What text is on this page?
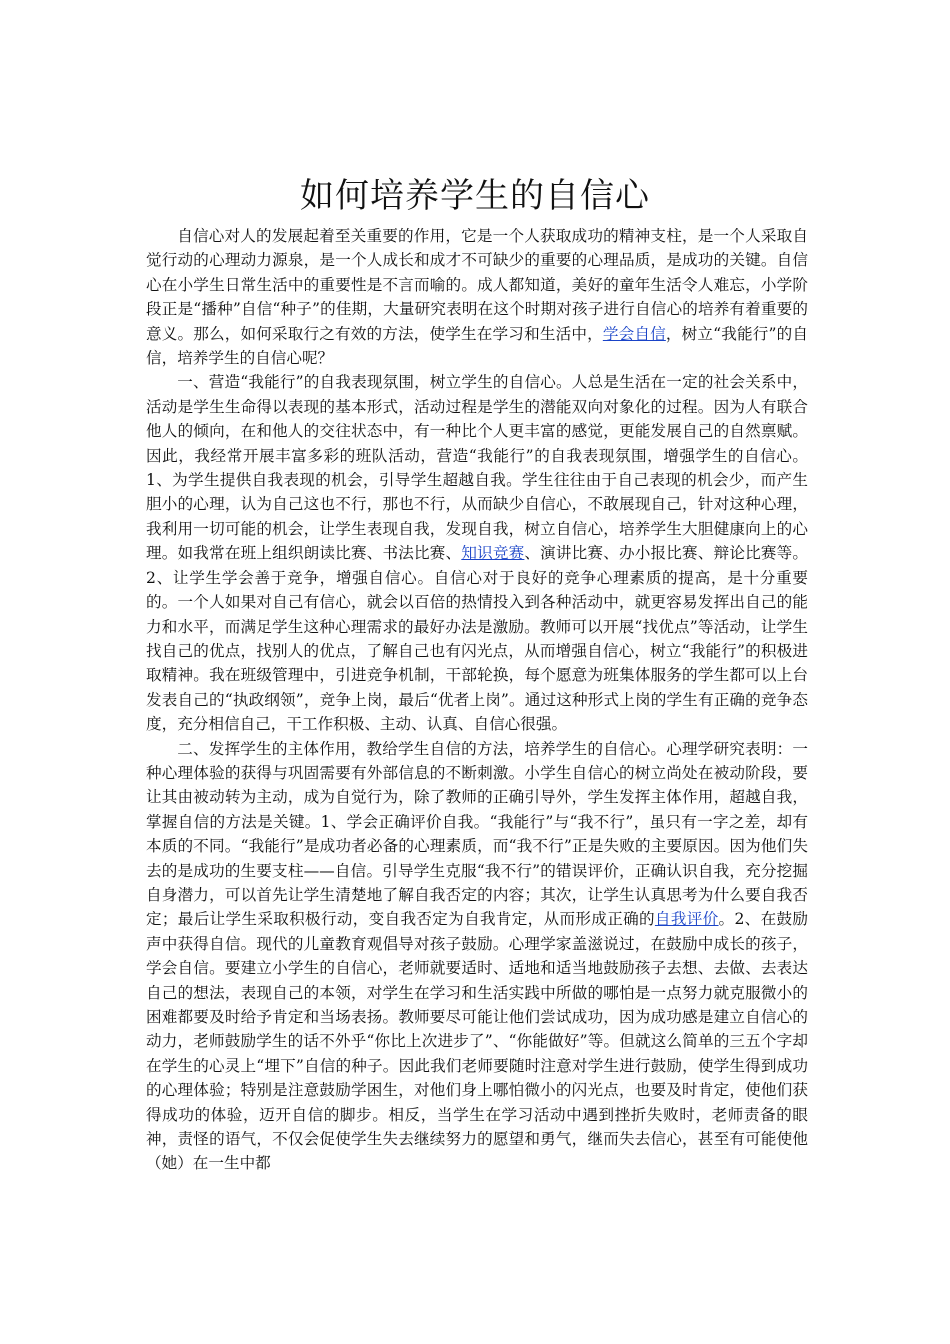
如何培养学生的自信心

自信心对人的发展起着至关重要的作用，它是一个人获取成功的精神支柱，是一个人采取自觉行动的心理动力源泉，是一个人成长和成才不可缺少的重要的心理品质，是成功的关键。自信心在小学生日常生活中的重要性是不言而喻的。成人都知道，美好的童年生活令人难忘，小学阶段正是“播种”自信“种子”的佳期，大量研究表明在这个时期对孩子进行自信心的培养有着重要的意义。那么，如何采取行之有效的方法，使学生在学习和生活中，学会自信，树立“我能行”的自信，培养学生的自信心呢？

一、营造“我能行”的自我表现氛围，树立学生的自信心。人总是生活在一定的社会关系中，活动是学生生命得以表现的基本形式，活动过程是学生的潜能双向对象化的过程。因为人有联合他人的倾向，在和他人的交往状态中，有一种比个人更丰富的感觉，更能发展自己的自然禀赋。因此，我经常开展丰富多彩的班队活动，营造“我能行”的自我表现氛围，增强学生的自信心。1、为学生提供自我表现的机会，引导学生超越自我。学生往往由于自己表现的机会少，而产生胆小的心理，认为自己这也不行，那也不行，从而缺少自信心，不敢展现自己，针对这种心理，我利用一切可能的机会，让学生表现自我，发现自我，树立自信心，培养学生大胆健康向上的心理。如我常在班上组织朗读比赛、书法比赛、知识竞赛、演讲比赛、办小报比赛、辩论比赛等。2、让学生学会善于竞争，增强自信心。自信心对于良好的竞争心理素质的提高，是十分重要的。一个人如果对自己有信心，就会以百倍的热情投入到各种活动中，就更容易发挥出自己的能力和水平，而满足学生这种心理需求的最好办法是激励。教师可以开展“找优点”等活动，让学生找自己的优点，找别人的优点，了解自己也有闪光点，从而增强自信心，树立“我能行”的积极进取精神。我在班级管理中，引进竞争机制，干部轮换，每个愿意为班集体服务的学生都可以上台发表自己的“执政纲领”，竞争上岗，最后“优者上岗”。通过这种形式上岗的学生有正确的竞争态度，充分相信自己，干工作积极、主动、认真、自信心很强。

二、发挥学生的主体作用，教给学生自信的方法，培养学生的自信心。心理学研究表明：一种心理体验的获得与巩固需要有外部信息的不断刺激。小学生自信心的树立尚处在被动阶段，要让其由被动转为主动，成为自觉行为，除了教师的正确引导外，学生发挥主体作用，超越自我，掌握自信的方法是关键。1、学会正确评价自我。“我能行”与“我不行”，虽只有一字之差，却有本质的不同。“我能行”是成功者必备的心理素质，而“我不行”正是失败的主要原因。因为他们失去的是成功的生要支柱——自信。引导学生克服“我不行”的错误评价，正确认识自我，充分挖掘自身潜力，可以首先让学生清楚地了解自我否定的内容；其次，让学生认真思考为什么要自我否定；最后让学生采取积极行动，变自我否定为自我肯定，从而形成正确的自我评价。2、在鼓励声中获得自信。现代的儿童教育观倡导对孩子鼓励。心理学家盖滋说过，在鼓励中成长的孩子，学会自信。要建立小学生的自信心，老师就要适时、适地和适当地鼓励孩子去想、去做、去表达自己的想法，表现自己的本领，对学生在学习和生活实践中所做的哪怕是一点努力就克服微小的困难都要及时给予肯定和当场表扬。教师要尽可能让他们尝试成功，因为成功感是建立自信心的动力，老师鼓励学生的话不外乎“你比上次进步了”、“你能做好”等。但就这么简单的三五个字却在学生的心灵上“埋下”自信的种子。因此我们老师要随时注意对学生进行鼓励，使学生得到成功的心理体验；特别是注意鼓励学困生，对他们身上哪怕微小的闪光点，也要及时肯定，使他们获得成功的体验，迈开自信的脚步。相反，当学生在学习活动中遇到挫折失败时，老师责备的眼神，责怪的语气，不仅会促使学生失去继续努力的愿望和勇气，继而失去信心，甚至有可能使他（她）在一生中都
